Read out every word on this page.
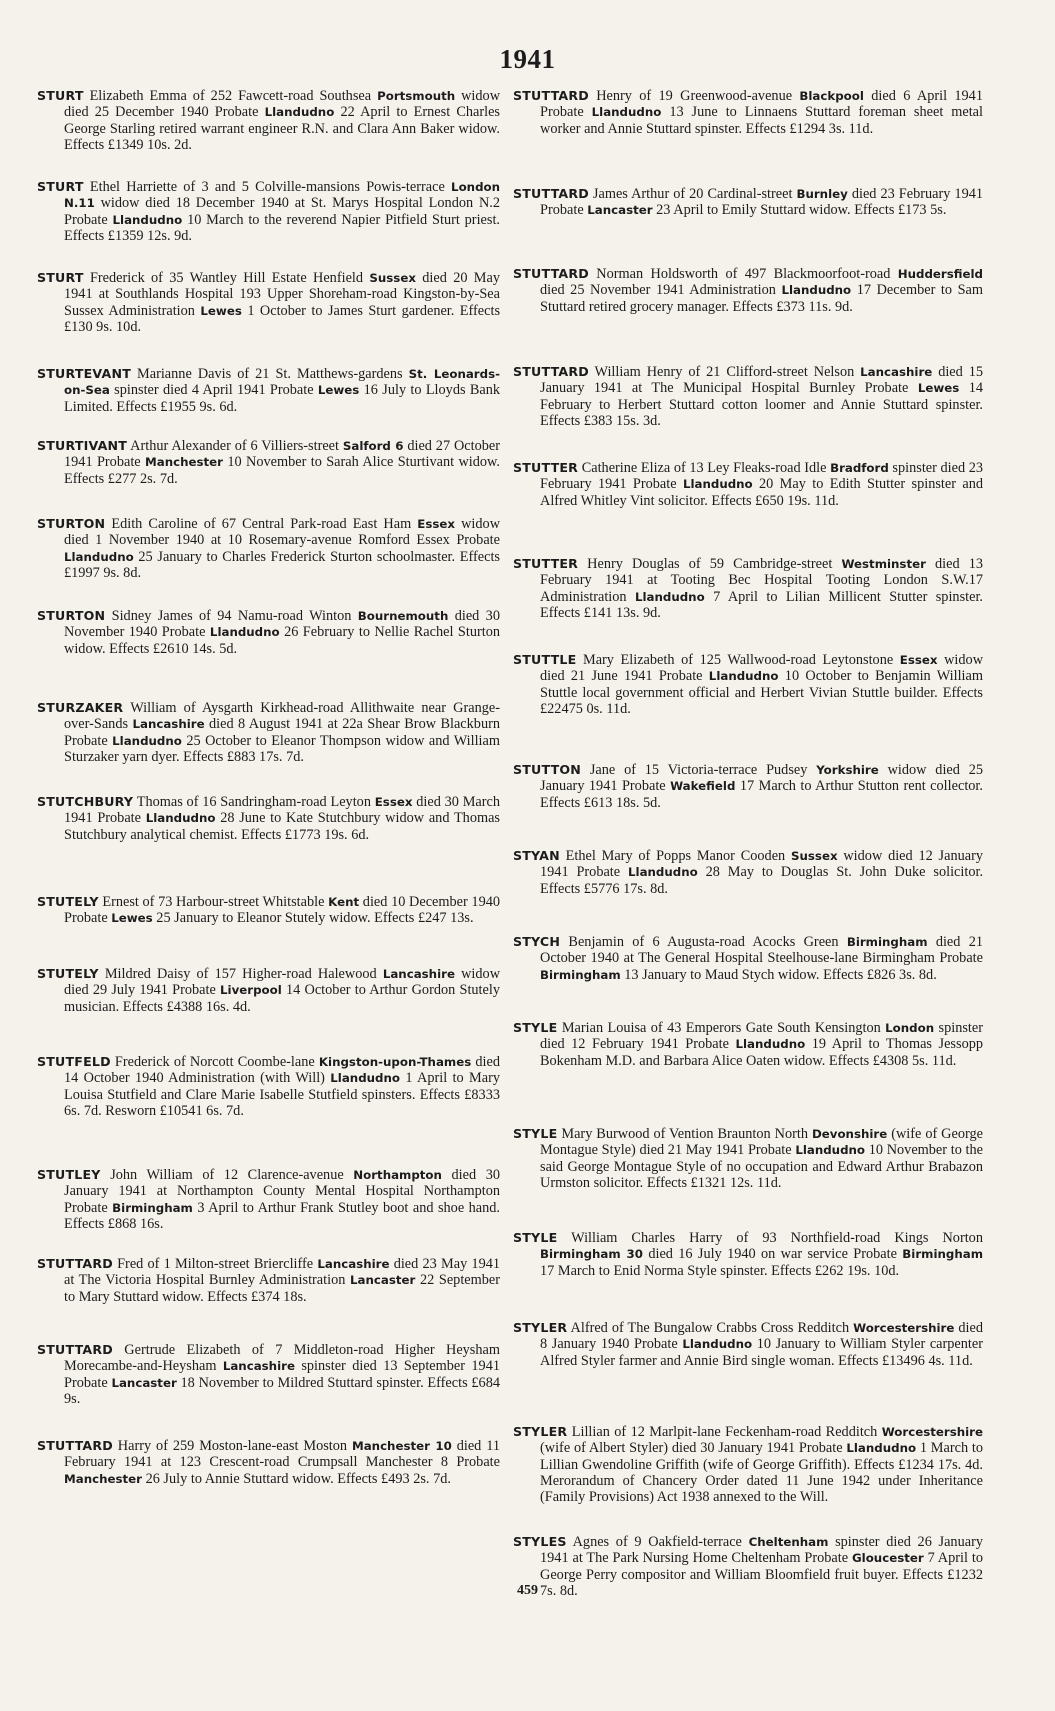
1941
STURT Elizabeth Emma of 252 Fawcett-road Southsea Portsmouth widow died 25 December 1940 Probate Llandudno 22 April to Ernest Charles George Starling retired warrant engineer R.N. and Clara Ann Baker widow. Effects £1349 10s. 2d.
STURT Ethel Harriette of 3 and 5 Colville-mansions Powis-terrace London N.11 widow died 18 December 1940 at St. Marys Hospital London N.2 Probate Llandudno 10 March to the reverend Napier Pitfield Sturt priest. Effects £1359 12s. 9d.
STURT Frederick of 35 Wantley Hill Estate Henfield Sussex died 20 May 1941 at Southlands Hospital 193 Upper Shoreham-road Kingston-by-Sea Sussex Administration Lewes 1 October to James Sturt gardener. Effects £130 9s. 10d.
STURTEVANT Marianne Davis of 21 St. Matthews-gardens St. Leonards-on-Sea spinster died 4 April 1941 Probate Lewes 16 July to Lloyds Bank Limited. Effects £1955 9s. 6d.
STURTIVANT Arthur Alexander of 6 Villiers-street Salford 6 died 27 October 1941 Probate Manchester 10 November to Sarah Alice Sturtivant widow. Effects £277 2s. 7d.
STURTON Edith Caroline of 67 Central Park-road East Ham Essex widow died 1 November 1940 at 10 Rosemary-avenue Romford Essex Probate Llandudno 25 January to Charles Frederick Sturton schoolmaster. Effects £1997 9s. 8d.
STURTON Sidney James of 94 Namu-road Winton Bournemouth died 30 November 1940 Probate Llandudno 26 February to Nellie Rachel Sturton widow. Effects £2610 14s. 5d.
STURZAKER William of Aysgarth Kirkhead-road Allithwaite near Grange-over-Sands Lancashire died 8 August 1941 at 22a Shear Brow Blackburn Probate Llandudno 25 October to Eleanor Thompson widow and William Sturzaker yarn dyer. Effects £883 17s. 7d.
STUTCHBURY Thomas of 16 Sandringham-road Leyton Essex died 30 March 1941 Probate Llandudno 28 June to Kate Stutchbury widow and Thomas Stutchbury analytical chemist. Effects £1773 19s. 6d.
STUTELY Ernest of 73 Harbour-street Whitstable Kent died 10 December 1940 Probate Lewes 25 January to Eleanor Stutely widow. Effects £247 13s.
STUTELY Mildred Daisy of 157 Higher-road Halewood Lancashire widow died 29 July 1941 Probate Liverpool 14 October to Arthur Gordon Stutely musician. Effects £4388 16s. 4d.
STUTFELD Frederick of Norcott Coombe-lane Kingston-upon-Thames died 14 October 1940 Administration (with Will) Llandudno 1 April to Mary Louisa Stutfield and Clare Marie Isabelle Stutfield spinsters. Effects £8333 6s. 7d. Resworn £10541 6s. 7d.
STUTLEY John William of 12 Clarence-avenue Northampton died 30 January 1941 at Northampton County Mental Hospital Northampton Probate Birmingham 3 April to Arthur Frank Stutley boot and shoe hand. Effects £868 16s.
STUTTARD Fred of 1 Milton-street Briercliffe Lancashire died 23 May 1941 at The Victoria Hospital Burnley Administration Lancaster 22 September to Mary Stuttard widow. Effects £374 18s.
STUTTARD Gertrude Elizabeth of 7 Middleton-road Higher Heysham Morecambe-and-Heysham Lancashire spinster died 13 September 1941 Probate Lancaster 18 November to Mildred Stuttard spinster. Effects £684 9s.
STUTTARD Harry of 259 Moston-lane-east Moston Manchester 10 died 11 February 1941 at 123 Crescent-road Crumpsall Manchester 8 Probate Manchester 26 July to Annie Stuttard widow. Effects £493 2s. 7d.
STUTTARD Henry of 19 Greenwood-avenue Blackpool died 6 April 1941 Probate Llandudno 13 June to Linnaens Stuttard foreman sheet metal worker and Annie Stuttard spinster. Effects £1294 3s. 11d.
STUTTARD James Arthur of 20 Cardinal-street Burnley died 23 February 1941 Probate Lancaster 23 April to Emily Stuttard widow. Effects £173 5s.
STUTTARD Norman Holdsworth of 497 Blackmoorfoot-road Huddersfield died 25 November 1941 Administration Llandudno 17 December to Sam Stuttard retired grocery manager. Effects £373 11s. 9d.
STUTTARD William Henry of 21 Clifford-street Nelson Lancashire died 15 January 1941 at The Municipal Hospital Burnley Probate Lewes 14 February to Herbert Stuttard cotton loomer and Annie Stuttard spinster. Effects £383 15s. 3d.
STUTTER Catherine Eliza of 13 Ley Fleaks-road Idle Bradford spinster died 23 February 1941 Probate Llandudno 20 May to Edith Stutter spinster and Alfred Whitley Vint solicitor. Effects £650 19s. 11d.
STUTTER Henry Douglas of 59 Cambridge-street Westminster died 13 February 1941 at Tooting Bec Hospital Tooting London S.W.17 Administration Llandudno 7 April to Lilian Millicent Stutter spinster. Effects £141 13s. 9d.
STUTTLE Mary Elizabeth of 125 Wallwood-road Leytonstone Essex widow died 21 June 1941 Probate Llandudno 10 October to Benjamin William Stuttle local government official and Herbert Vivian Stuttle builder. Effects £22475 0s. 11d.
STUTTON Jane of 15 Victoria-terrace Pudsey Yorkshire widow died 25 January 1941 Probate Wakefield 17 March to Arthur Stutton rent collector. Effects £613 18s. 5d.
STYAN Ethel Mary of Popps Manor Cooden Sussex widow died 12 January 1941 Probate Llandudno 28 May to Douglas St. John Duke solicitor. Effects £5776 17s. 8d.
STYCH Benjamin of 6 Augusta-road Acocks Green Birmingham died 21 October 1940 at The General Hospital Steelhouse-lane Birmingham Probate Birmingham 13 January to Maud Stych widow. Effects £826 3s. 8d.
STYLE Marian Louisa of 43 Emperors Gate South Kensington London spinster died 12 February 1941 Probate Llandudno 19 April to Thomas Jessopp Bokenham M.D. and Barbara Alice Oaten widow. Effects £4308 5s. 11d.
STYLE Mary Burwood of Vention Braunton North Devonshire (wife of George Montague Style) died 21 May 1941 Probate Llandudno 10 November to the said George Montague Style of no occupation and Edward Arthur Brabazon Urmston solicitor. Effects £1321 12s. 11d.
STYLE William Charles Harry of 93 Northfield-road Kings Norton Birmingham 30 died 16 July 1940 on war service Probate Birmingham 17 March to Enid Norma Style spinster. Effects £262 19s. 10d.
STYLER Alfred of The Bungalow Crabbs Cross Redditch Worcestershire died 8 January 1940 Probate Llandudno 10 January to William Styler carpenter Alfred Styler farmer and Annie Bird single woman. Effects £13496 4s. 11d.
STYLER Lillian of 12 Marlpit-lane Feckenham-road Redditch Worcestershire (wife of Albert Styler) died 30 January 1941 Probate Llandudno 1 March to Lillian Gwendoline Griffith (wife of George Griffith). Effects £1234 17s. 4d. Merorandum of Chancery Order dated 11 June 1942 under Inheritance (Family Provisions) Act 1938 annexed to the Will.
STYLES Agnes of 9 Oakfield-terrace Cheltenham spinster died 26 January 1941 at The Park Nursing Home Cheltenham Probate Gloucester 7 April to George Perry compositor and William Bloomfield fruit buyer. Effects £1232 7s. 8d.
459
